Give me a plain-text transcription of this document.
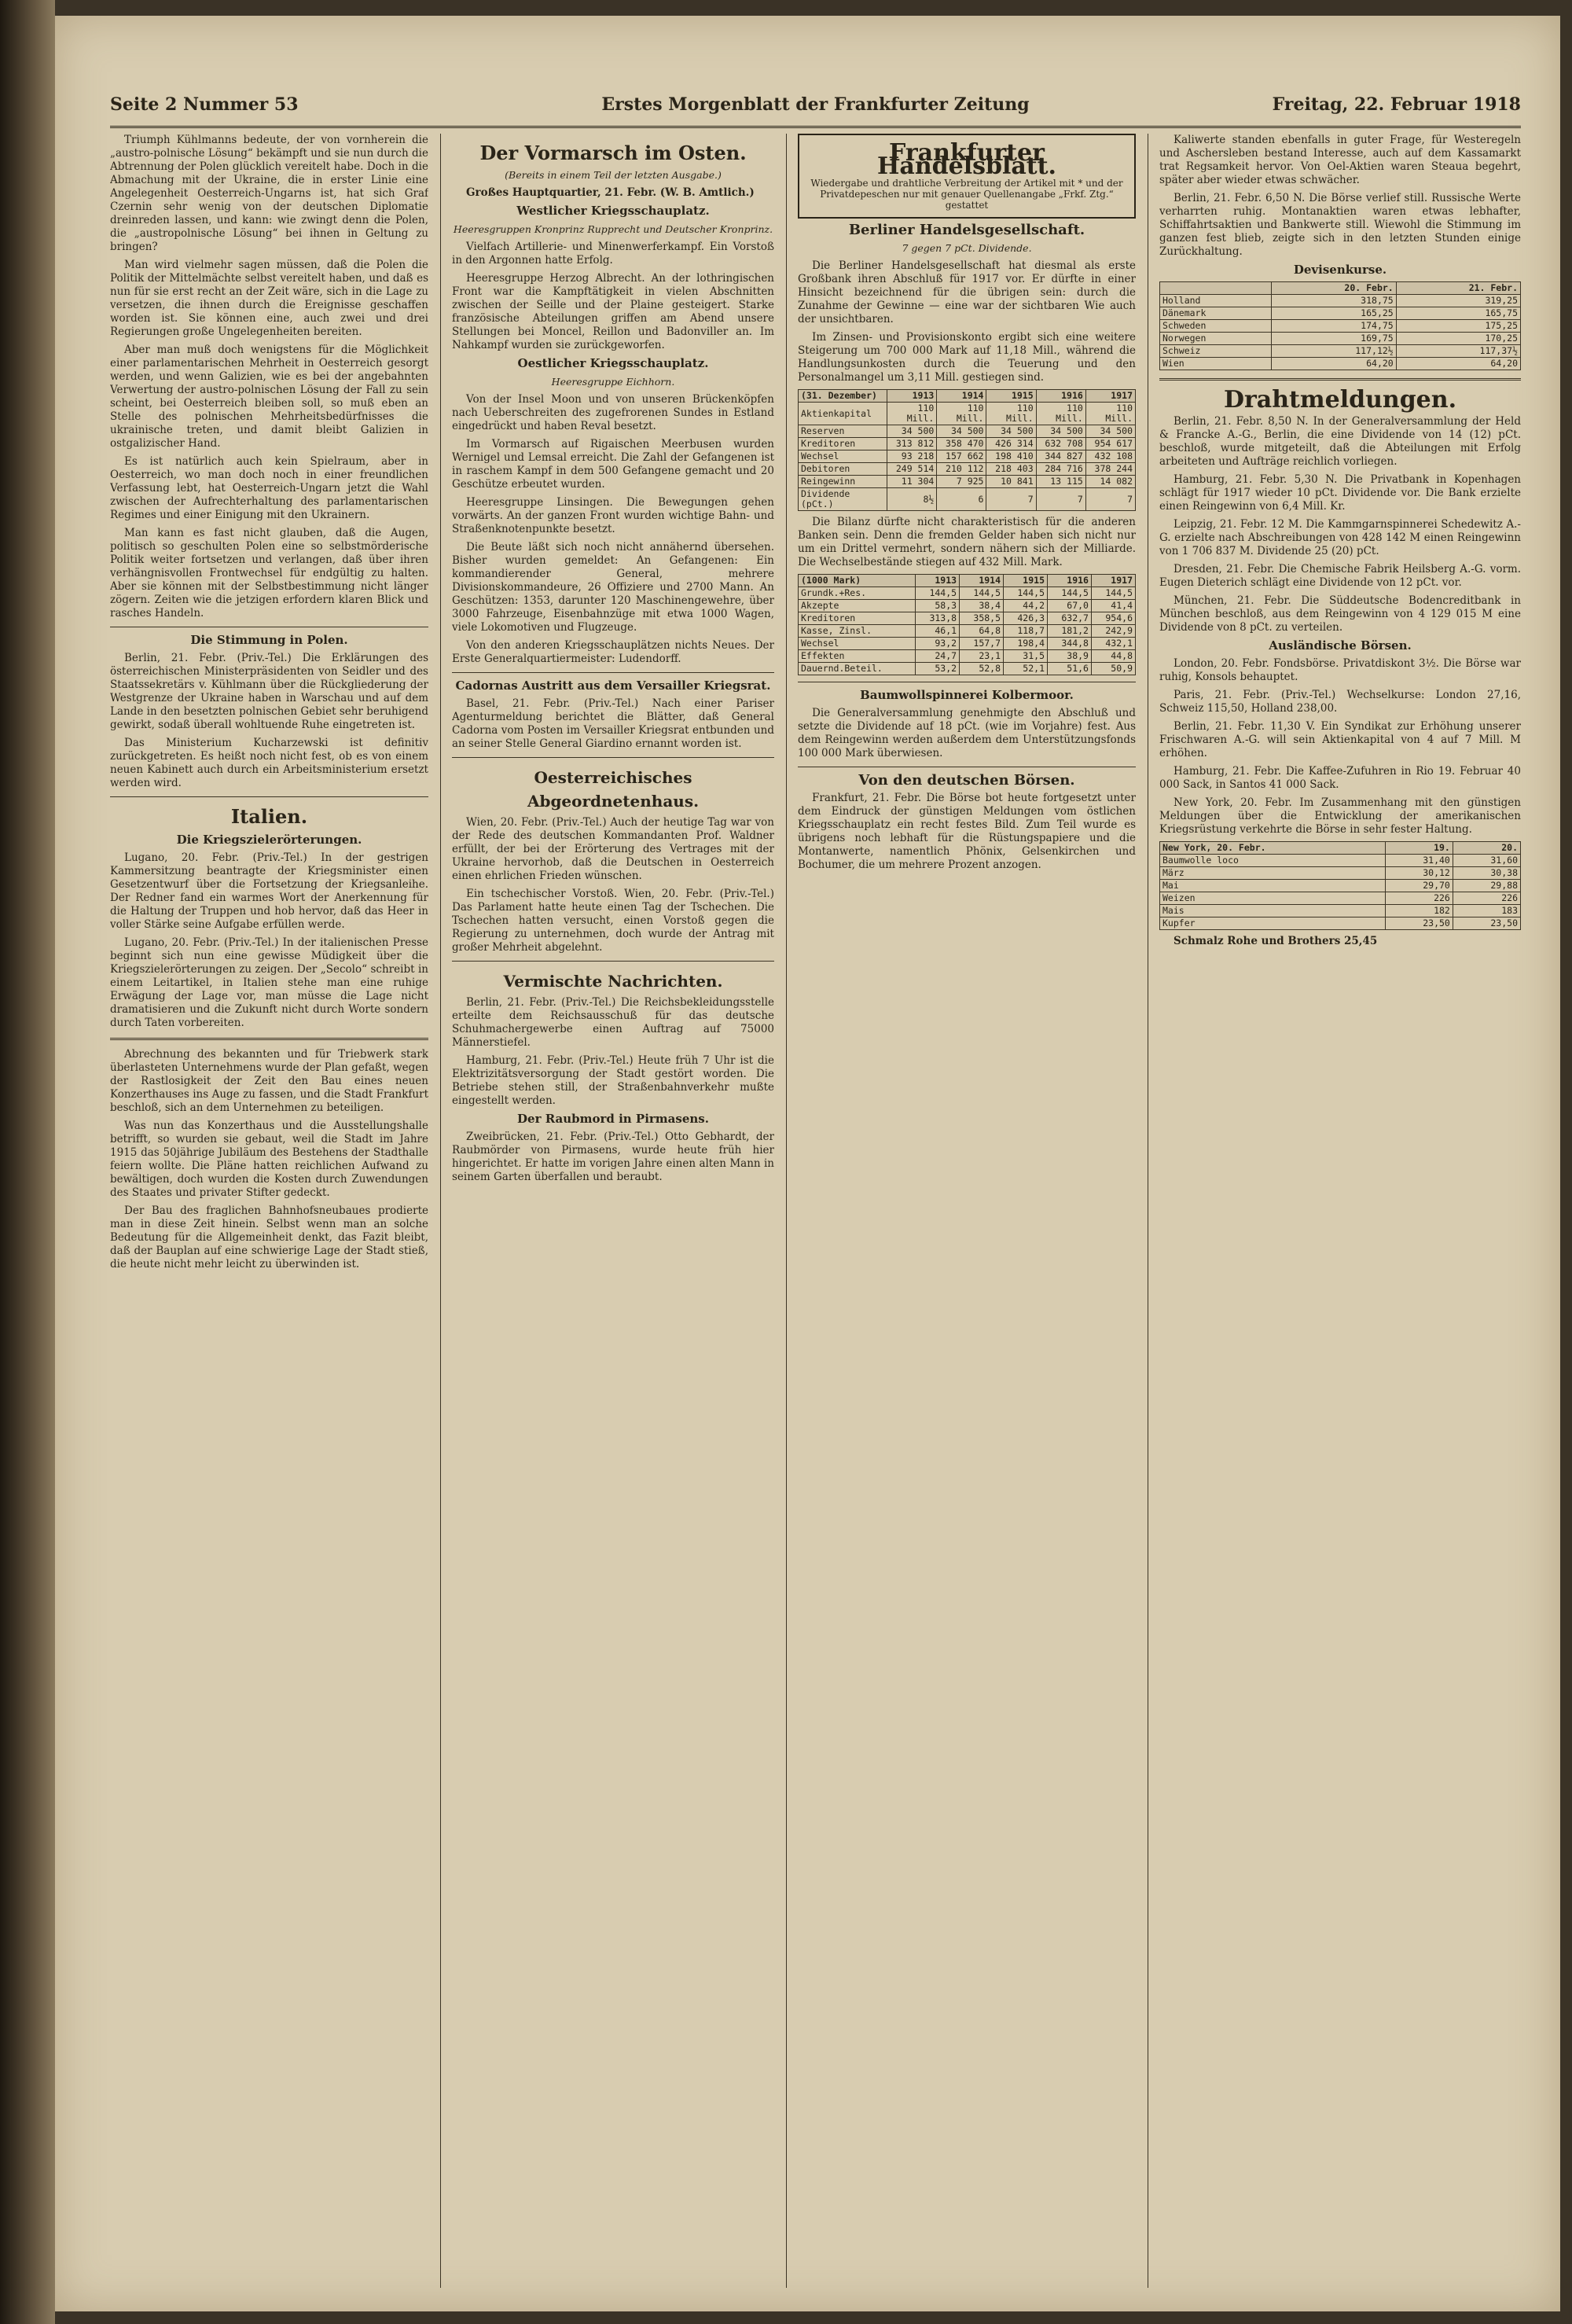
Seite 2 Nummer 53	Erstes Morgenblatt der Frankfurter Zeitung	Freitag, 22. Februar 1918

Triumph Kühlmanns bedeute, der von vornherein die „austro-polnische Lösung“ bekämpft und sie nun durch die Abtrennung der Polen glücklich vereitelt habe. Doch in die Abmachung mit der Ukraine, die in erster Linie eine Angelegenheit Oesterreich-Ungarns ist, hat sich Graf Czernin sehr wenig von der deutschen Diplomatie dreinreden lassen, und kann: wie zwingt denn die Polen, die „austropolnische Lösung“ bei ihnen in Geltung zu bringen?

Man wird vielmehr sagen müssen, daß die Polen die Politik der Mittelmächte selbst vereitelt haben, und daß es nun für sie erst recht an der Zeit wäre, sich in die Lage zu versetzen, die ihnen durch die Ereignisse geschaffen worden ist. Sie können eine, auch zwei und drei Regierungen große Ungelegenheiten bereiten.

Aber man muß doch wenigstens für die Möglichkeit einer parlamentarischen Mehrheit in Oesterreich gesorgt werden, und wenn Galizien, wie es bei der angebahnten Verwertung der austro-polnischen Lösung der Fall zu sein scheint, bei Oesterreich bleiben soll, so muß eben an Stelle des polnischen Mehrheitsbedürfnisses die ukrainische treten, und damit bleibt Galizien in ostgalizischer Hand.

Es ist natürlich auch kein Spielraum, aber in Oesterreich, wo man doch noch in einer freundlichen Verfassung lebt, hat Oesterreich-Ungarn jetzt die Wahl zwischen der Aufrechterhaltung des parlamentarischen Regimes und einer Einigung mit den Ukrainern.

Man kann es fast nicht glauben, daß die Augen, politisch so geschulten Polen eine so selbstmörderische Politik weiter fortsetzen und verlangen, daß über ihren verhängnisvollen Frontwechsel für endgültig zu halten. Aber sie können mit der Selbstbestimmung nicht länger zögern. Zeiten wie die jetzigen erfordern klaren Blick und rasches Handeln.

Die Stimmung in Polen.

Berlin, 21. Febr. (Priv.-Tel.) Die Erklärungen des österreichischen Ministerpräsidenten von Seidler und des Staatssekretärs v. Kühlmann über die Rückgliederung der Westgrenze der Ukraine haben in Warschau und auf dem Lande in den besetzten polnischen Gebiet sehr beruhigend gewirkt, sodaß überall wohltuende Ruhe eingetreten ist.

Das Ministerium Kucharzewski ist definitiv zurückgetreten. Es heißt noch nicht fest, ob es von einem neuen Kabinett auch durch ein Arbeitsministerium ersetzt werden wird.

Italien.
Die Kriegszielerörterungen.

Lugano, 20. Febr. (Priv.-Tel.) In der gestrigen Kammersitzung beantragte der Kriegsminister einen Gesetzentwurf über die Fortsetzung der Kriegsanleihe. Der Redner fand ein warmes Wort der Anerkennung für die Haltung der Truppen und hob hervor, daß das Heer in voller Stärke seine Aufgabe erfüllen werde.

Lugano, 20. Febr. (Priv.-Tel.) In der italienischen Presse beginnt sich nun eine gewisse Müdigkeit über die Kriegszielerörterungen zu zeigen. Der „Secolo“ schreibt in einem Leitartikel, in Italien stehe man eine ruhige Erwägung der Lage vor, man müsse die Lage nicht dramatisieren und die Zukunft nicht durch Worte sondern durch Taten vorbereiten.

Abrechnung des bekannten und für Triebwerk stark überlasteten Unternehmens wurde der Plan gefaßt, wegen der Rastlosigkeit der Zeit den Bau eines neuen Konzerthauses ins Auge zu fassen, und die Stadt Frankfurt beschloß, sich an dem Unternehmen zu beteiligen.

Was nun das Konzerthaus und die Ausstellungshalle betrifft, so wurden sie gebaut, weil die Stadt im Jahre 1915 das 50jährige Jubiläum des Bestehens der Stadthalle feiern wollte. Die Pläne hatten reichlichen Aufwand zu bewältigen, doch wurden die Kosten durch Zuwendungen des Staates und privater Stifter gedeckt.

Der Bau des fraglichen Bahnhofsneubaues prodierte man in diese Zeit hinein. Selbst wenn man an solche Bedeutung für die Allgemeinheit denkt, das Fazit bleibt, daß der Bauplan auf eine schwierige Lage der Stadt stieß, die heute nicht mehr leicht zu überwinden ist.

Der Vormarsch im Osten.
(Bereits in einem Teil der letzten Ausgabe.)

Großes Hauptquartier, 21. Febr. (W. B. Amtlich.)

Westlicher Kriegsschauplatz.
Heeresgruppen Kronprinz Rupprecht und Deutscher Kronprinz.

Vielfach Artillerie- und Minenwerferkampf. Ein Vorstoß in den Argonnen hatte Erfolg.

Heeresgruppe Herzog Albrecht. An der lothringischen Front war die Kampftätigkeit in vielen Abschnitten zwischen der Seille und der Plaine gesteigert. Starke französische Abteilungen griffen am Abend unsere Stellungen bei Moncel, Reillon und Badonviller an. Im Nahkampf wurden sie zurückgeworfen.

Oestlicher Kriegsschauplatz.
Heeresgruppe Eichhorn.

Von der Insel Moon und von unseren Brückenköpfen nach Ueberschreiten des zugefrorenen Sundes in Estland eingedrückt und haben Reval besetzt.

Im Vormarsch auf Rigaischen Meerbusen wurden Wernigel und Lemsal erreicht. Die Zahl der Gefangenen ist in raschem Kampf in dem 500 Gefangene gemacht und 20 Geschütze erbeutet wurden.

Heeresgruppe Linsingen. Die Bewegungen gehen vorwärts. An der ganzen Front wurden wichtige Bahn- und Straßenknotenpunkte besetzt.

Die Beute läßt sich noch nicht annähernd übersehen. Bisher wurden gemeldet: An Gefangenen: Ein kommandierender General, mehrere Divisionskommandeure, 26 Offiziere und 2700 Mann. An Geschützen: 1353, darunter 120 Maschinengewehre, über 3000 Fahrzeuge, Eisenbahnzüge mit etwa 1000 Wagen, viele Lokomotiven und Flugzeuge.

Von den anderen Kriegsschauplätzen nichts Neues. Der Erste Generalquartiermeister: Ludendorff.

Cadornas Austritt aus dem Versailler Kriegsrat.

Basel, 21. Febr. (Priv.-Tel.) Nach einer Pariser Agenturmeldung berichtet die Blätter, daß General Cadorna vom Posten im Versailler Kriegsrat entbunden und an seiner Stelle General Giardino ernannt worden ist.

Oesterreichisches Abgeordnetenhaus.

Wien, 20. Febr. (Priv.-Tel.) Auch der heutige Tag war von der Rede des deutschen Kommandanten Prof. Waldner erfüllt, der bei der Erörterung des Vertrages mit der Ukraine hervorhob, daß die Deutschen in Oesterreich einen ehrlichen Frieden wünschen.

Ein tschechischer Vorstoß. Wien, 20. Febr. (Priv.-Tel.) Das Parlament hatte heute einen Tag der Tschechen. Die Tschechen hatten versucht, einen Vorstoß gegen die Regierung zu unternehmen, doch wurde der Antrag mit großer Mehrheit abgelehnt.

Vermischte Nachrichten.

Berlin, 21. Febr. (Priv.-Tel.) Die Reichsbekleidungsstelle erteilte dem Reichsausschuß für das deutsche Schuhmachergewerbe einen Auftrag auf 75000 Männerstiefel.

Hamburg, 21. Febr. (Priv.-Tel.) Heute früh 7 Uhr ist die Elektrizitätsversorgung der Stadt gestört worden. Die Betriebe stehen still, der Straßenbahnverkehr mußte eingestellt werden.

Der Raubmord in Pirmasens.

Zweibrücken, 21. Febr. (Priv.-Tel.) Otto Gebhardt, der Raubmörder von Pirmasens, wurde heute früh hier hingerichtet. Er hatte im vorigen Jahre einen alten Mann in seinem Garten überfallen und beraubt.

Frankfurter Handelsblatt.
Wiedergabe und drahtliche Verbreitung der Artikel mit * und der Privatdepeschen nur mit genauer Quellenangabe „Frkf. Ztg.“ gestattet
Berliner Handelsgesellschaft.
7 gegen 7 pCt. Dividende.

Die Berliner Handelsgesellschaft hat diesmal als erste Großbank ihren Abschluß für 1917 vor. Er dürfte in einer Hinsicht bezeichnend für die übrigen sein: durch die Zunahme der Gewinne — eine war der sichtbaren Wie auch der unsichtbaren.

Im Zinsen- und Provisionskonto ergibt sich eine weitere Steigerung um 700 000 Mark auf 11,18 Mill., während die Handlungsunkosten durch die Teuerung und den Personalmangel um 3,11 Mill. gestiegen sind.

(31. Dezember)	1913	1914	1915	1916	1917
Aktienkapital	110 Mill.	110 Mill.	110 Mill.	110 Mill.	110 Mill.
Reserven	34 500	34 500	34 500	34 500	34 500
Kreditoren	313 812	358 470	426 314	632 708	954 617
Wechsel	93 218	157 662	198 410	344 827	432 108
Debitoren	249 514	210 112	218 403	284 716	378 244
Reingewinn	11 304	7 925	10 841	13 115	14 082
Dividende (pCt.)	8½	6	7	7	7

Die Bilanz dürfte nicht charakteristisch für die anderen Banken sein. Denn die fremden Gelder haben sich nicht nur um ein Drittel vermehrt, sondern nähern sich der Milliarde. Die Wechselbestände stiegen auf 432 Mill. Mark.

(1000 Mark)	1913	1914	1915	1916	1917
Grundk.+Res.	144,5	144,5	144,5	144,5	144,5
Akzepte	58,3	38,4	44,2	67,0	41,4
Kreditoren	313,8	358,5	426,3	632,7	954,6
Kasse, Zinsl.	46,1	64,8	118,7	181,2	242,9
Wechsel	93,2	157,7	198,4	344,8	432,1
Effekten	24,7	23,1	31,5	38,9	44,8
Dauernd.Beteil.	53,2	52,8	52,1	51,6	50,9
Baumwollspinnerei Kolbermoor.

Die Generalversammlung genehmigte den Abschluß und setzte die Dividende auf 18 pCt. (wie im Vorjahre) fest. Aus dem Reingewinn werden außerdem dem Unterstützungsfonds 100 000 Mark überwiesen.

Von den deutschen Börsen.

Frankfurt, 21. Febr. Die Börse bot heute fortgesetzt unter dem Eindruck der günstigen Meldungen vom östlichen Kriegsschauplatz ein recht festes Bild. Zum Teil wurde es übrigens noch lebhaft für die Rüstungspapiere und die Montanwerte, namentlich Phönix, Gelsenkirchen und Bochumer, die um mehrere Prozent anzogen.

Kaliwerte standen ebenfalls in guter Frage, für Westeregeln und Aschersleben bestand Interesse, auch auf dem Kassamarkt trat Regsamkeit hervor. Von Oel-Aktien waren Steaua begehrt, später aber wieder etwas schwächer.

Berlin, 21. Febr. 6,50 N. Die Börse verlief still. Russische Werte verharrten ruhig. Montanaktien waren etwas lebhafter, Schiffahrtsaktien und Bankwerte still. Wiewohl die Stimmung im ganzen fest blieb, zeigte sich in den letzten Stunden einige Zurückhaltung.

Devisenkurse.
	20. Febr.	21. Febr.
Holland	318,75	319,25
Dänemark	165,25	165,75
Schweden	174,75	175,25
Norwegen	169,75	170,25
Schweiz	117,12½	117,37½
Wien	64,20	64,20
Drahtmeldungen.

Berlin, 21. Febr. 8,50 N. In der Generalversammlung der Held & Francke A.-G., Berlin, die eine Dividende von 14 (12) pCt. beschloß, wurde mitgeteilt, daß die Abteilungen mit Erfolg arbeiteten und Aufträge reichlich vorliegen.

Hamburg, 21. Febr. 5,30 N. Die Privatbank in Kopenhagen schlägt für 1917 wieder 10 pCt. Dividende vor. Die Bank erzielte einen Reingewinn von 6,4 Mill. Kr.

Leipzig, 21. Febr. 12 M. Die Kammgarnspinnerei Schedewitz A.-G. erzielte nach Abschreibungen von 428 142 M einen Reingewinn von 1 706 837 M. Dividende 25 (20) pCt.

Dresden, 21. Febr. Die Chemische Fabrik Heilsberg A.-G. vorm. Eugen Dieterich schlägt eine Dividende von 12 pCt. vor.

München, 21. Febr. Die Süddeutsche Bodencreditbank in München beschloß, aus dem Reingewinn von 4 129 015 M eine Dividende von 8 pCt. zu verteilen.

Ausländische Börsen.

London, 20. Febr. Fondsbörse. Privatdiskont 3½. Die Börse war ruhig, Konsols behauptet.

Paris, 21. Febr. (Priv.-Tel.) Wechselkurse: London 27,16, Schweiz 115,50, Holland 238,00.

Berlin, 21. Febr. 11,30 V. Ein Syndikat zur Erhöhung unserer Frischwaren A.-G. will sein Aktienkapital von 4 auf 7 Mill. M erhöhen.

Hamburg, 21. Febr. Die Kaffee-Zufuhren in Rio 19. Februar 40 000 Sack, in Santos 41 000 Sack.

New York, 20. Febr. Im Zusammenhang mit den günstigen Meldungen über die Entwicklung der amerikanischen Kriegsrüstung verkehrte die Börse in sehr fester Haltung.

New York, 20. Febr.	19.	20.
Baumwolle loco	31,40	31,60
März	30,12	30,38
Mai	29,70	29,88
Weizen	226	226
Mais	182	183
Kupfer	23,50	23,50

Schmalz Rohe und Brothers 25,45
